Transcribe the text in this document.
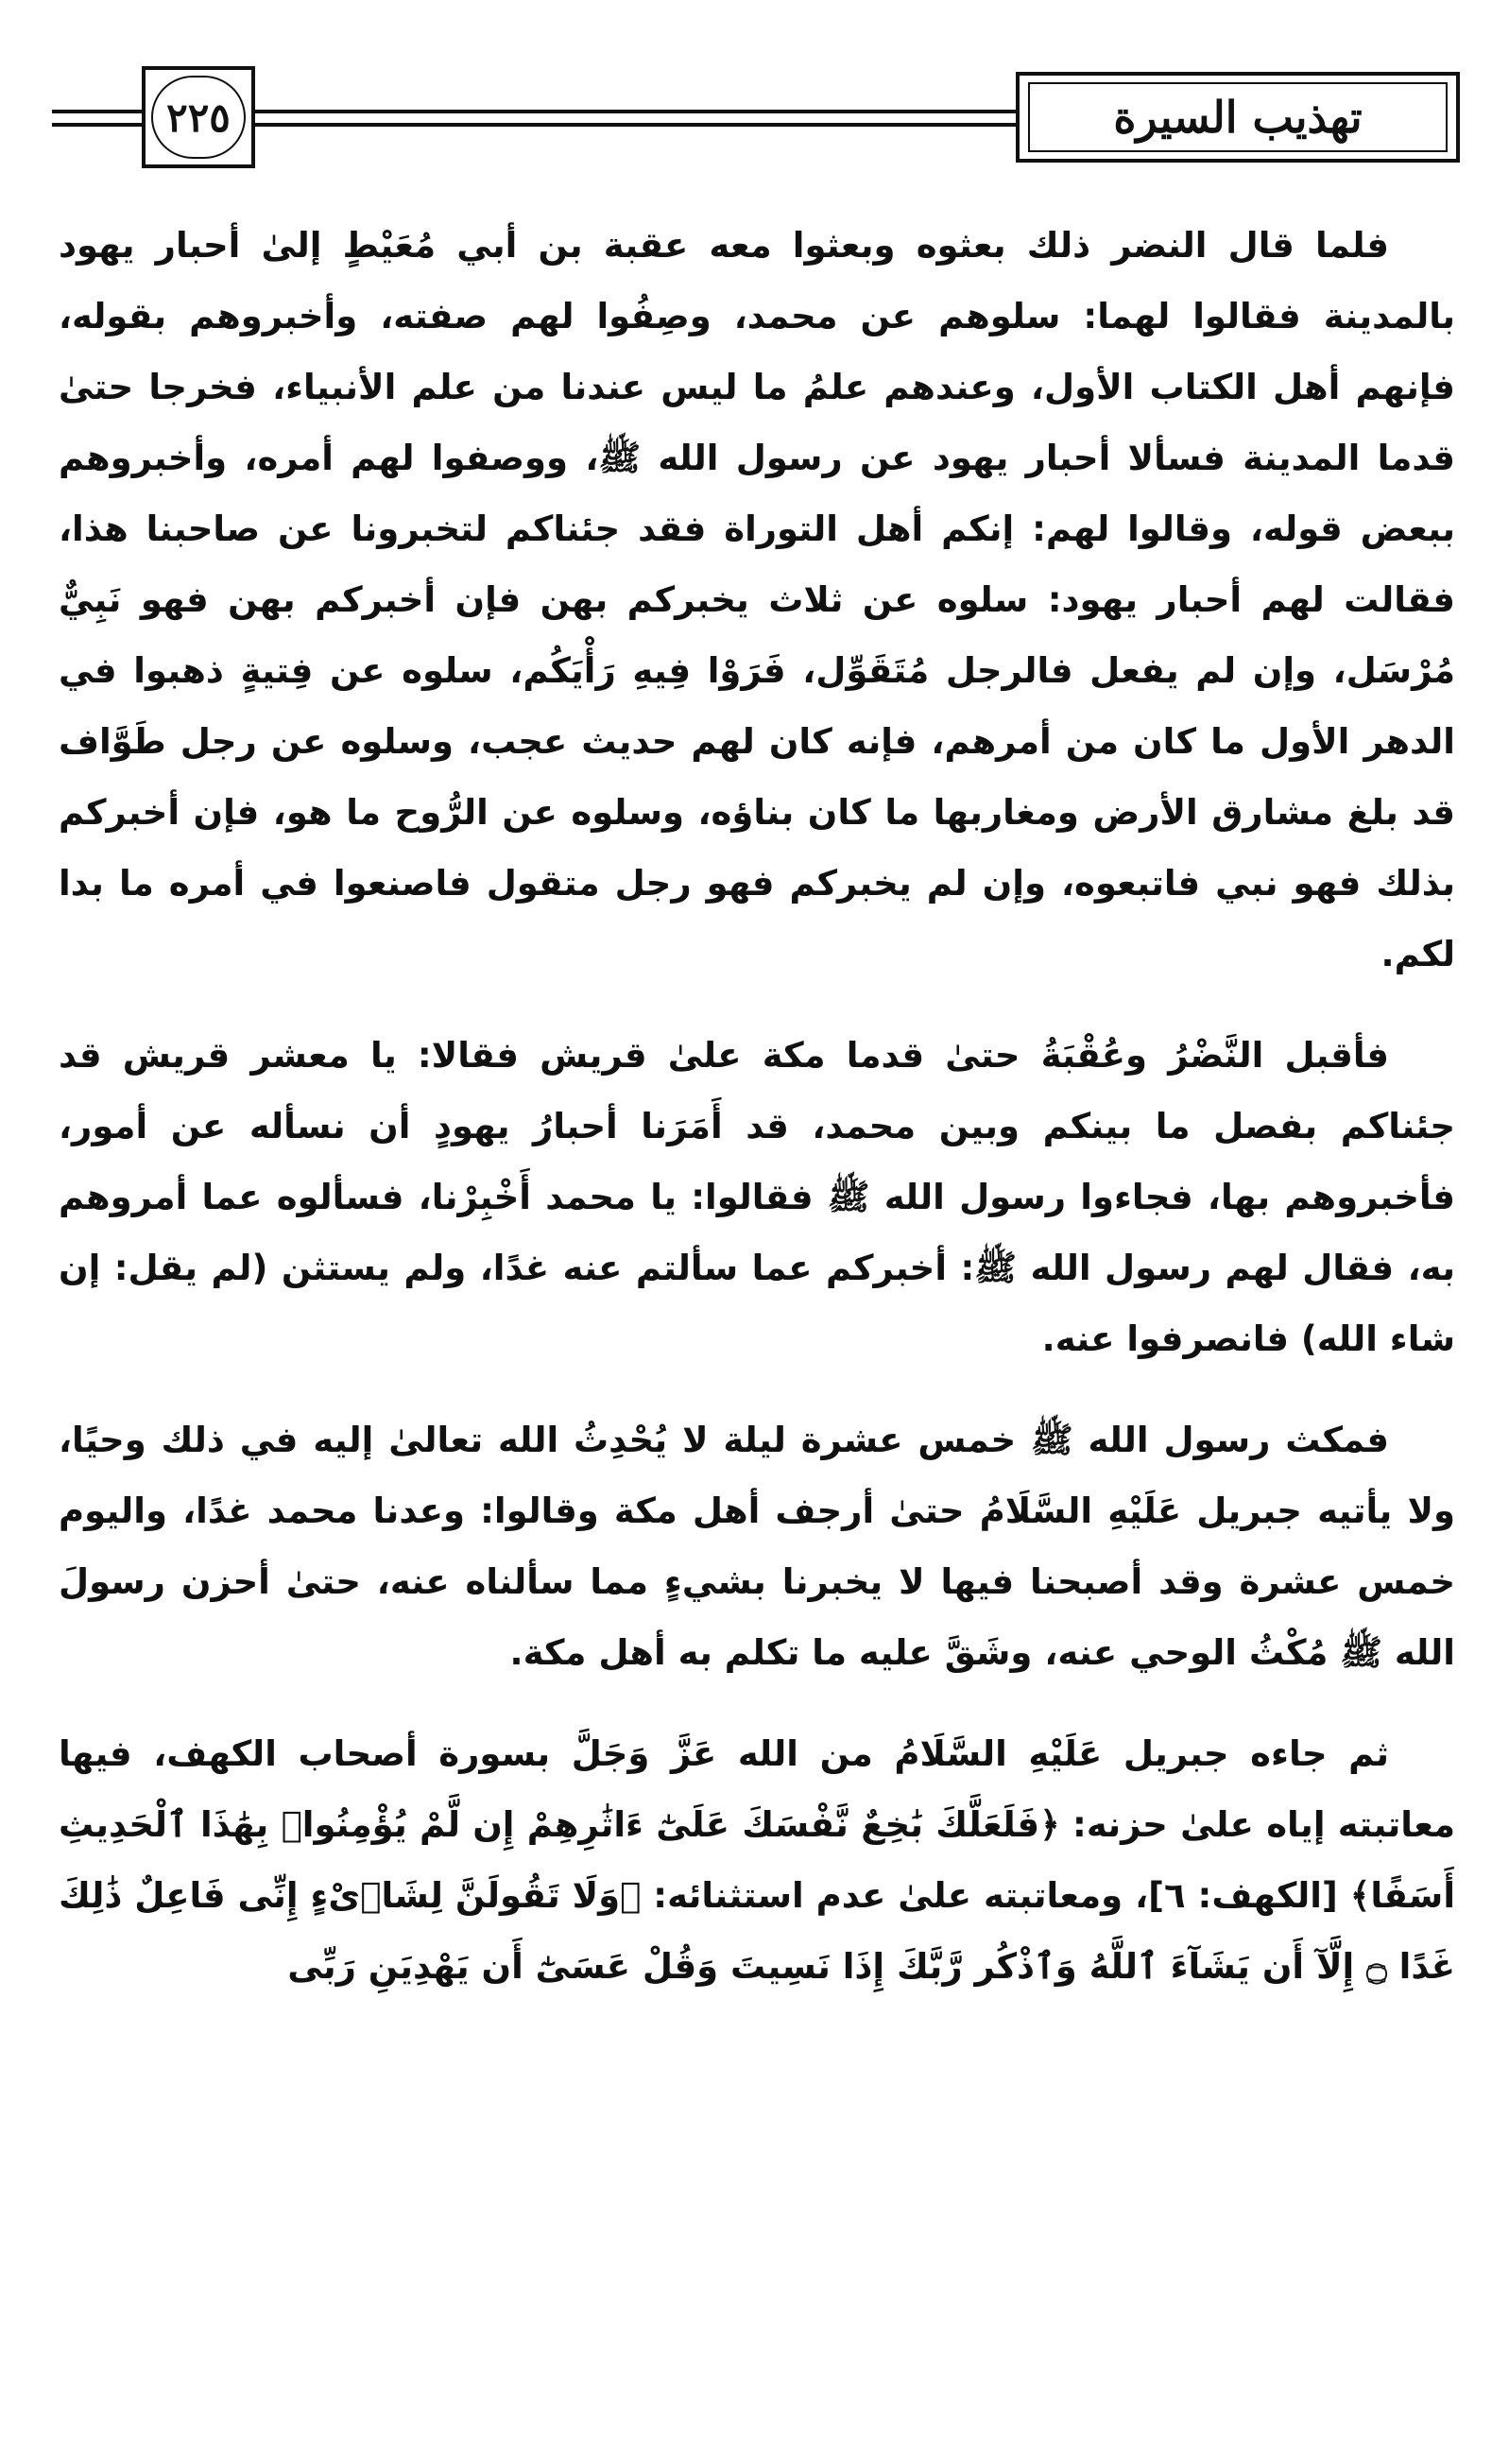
٢٢٥	تهذيب السيرة

فلما قال النضر ذلك بعثوه وبعثوا معه عقبة بن أبي مُعَيْطٍ إلىٰ أحبار يهود بالمدينة فقالوا لهما: سلوهم عن محمد، وصِفُوا لهم صفته، وأخبروهم بقوله، فإنهم أهل الكتاب الأول، وعندهم علمُ ما ليس عندنا من علم الأنبياء، فخرجا حتىٰ قدما المدينة فسألا أحبار يهود عن رسول الله ﷺ، ووصفوا لهم أمره، وأخبروهم ببعض قوله، وقالوا لهم: إنكم أهل التوراة فقد جئناكم لتخبرونا عن صاحبنا هذا، فقالت لهم أحبار يهود: سلوه عن ثلاث يخبركم بهن فإن أخبركم بهن فهو نَبِيٌّ مُرْسَل، وإن لم يفعل فالرجل مُتَقَوِّل، فَرَوْا فِيهِ رَأْيَكُم، سلوه عن فِتيةٍ ذهبوا في الدهر الأول ما كان من أمرهم، فإنه كان لهم حديث عجب، وسلوه عن رجل طَوَّاف قد بلغ مشارق الأرض ومغاربها ما كان بناؤه، وسلوه عن الرُّوح ما هو، فإن أخبركم بذلك فهو نبي فاتبعوه، وإن لم يخبركم فهو رجل متقول فاصنعوا في أمره ما بدا لكم.

فأقبل النَّضْرُ وعُقْبَةُ حتىٰ قدما مكة علىٰ قريش فقالا: يا معشر قريش قد جئناكم بفصل ما بينكم وبين محمد، قد أَمَرَنا أحبارُ يهودٍ أن نسأله عن أمور، فأخبروهم بها، فجاءوا رسول الله ﷺ فقالوا: يا محمد أَخْبِرْنا، فسألوه عما أمروهم به، فقال لهم رسول الله ﷺ: أخبركم عما سألتم عنه غدًا، ولم يستثن (لم يقل: إن شاء الله) فانصرفوا عنه.

فمكث رسول الله ﷺ خمس عشرة ليلة لا يُحْدِثُ الله تعالىٰ إليه في ذلك وحيًا، ولا يأتيه جبريل عَلَيْهِ السَّلَامُ حتىٰ أرجف أهل مكة وقالوا: وعدنا محمد غدًا، واليوم خمس عشرة وقد أصبحنا فيها لا يخبرنا بشيءٍ مما سألناه عنه، حتىٰ أحزن رسولَ الله ﷺ مُكْثُ الوحي عنه، وشَقَّ عليه ما تكلم به أهل مكة.

ثم جاءه جبريل عَلَيْهِ السَّلَامُ من الله عَزَّ وَجَلَّ بسورة أصحاب الكهف، فيها معاتبته إياه علىٰ حزنه: ﴿فَلَعَلَّكَ بَٰخِعٌ نَّفْسَكَ عَلَىٰٓ ءَاثَٰرِهِمْ إِن لَّمْ يُؤْمِنُوا۟ بِهَٰذَا ٱلْحَدِيثِ أَسَفًا﴾ [الكهف: ٦]، ومعاتبته علىٰ عدم استثنائه: ﴿وَلَا تَقُولَنَّ لِشَا۟ىْءٍ إِنِّى فَاعِلٌ ذَٰلِكَ غَدًا ۝ إِلَّآ أَن يَشَآءَ ٱللَّهُ وَٱذْكُر رَّبَّكَ إِذَا نَسِيتَ وَقُلْ عَسَىٰٓ أَن يَهْدِيَنِ رَبِّى
